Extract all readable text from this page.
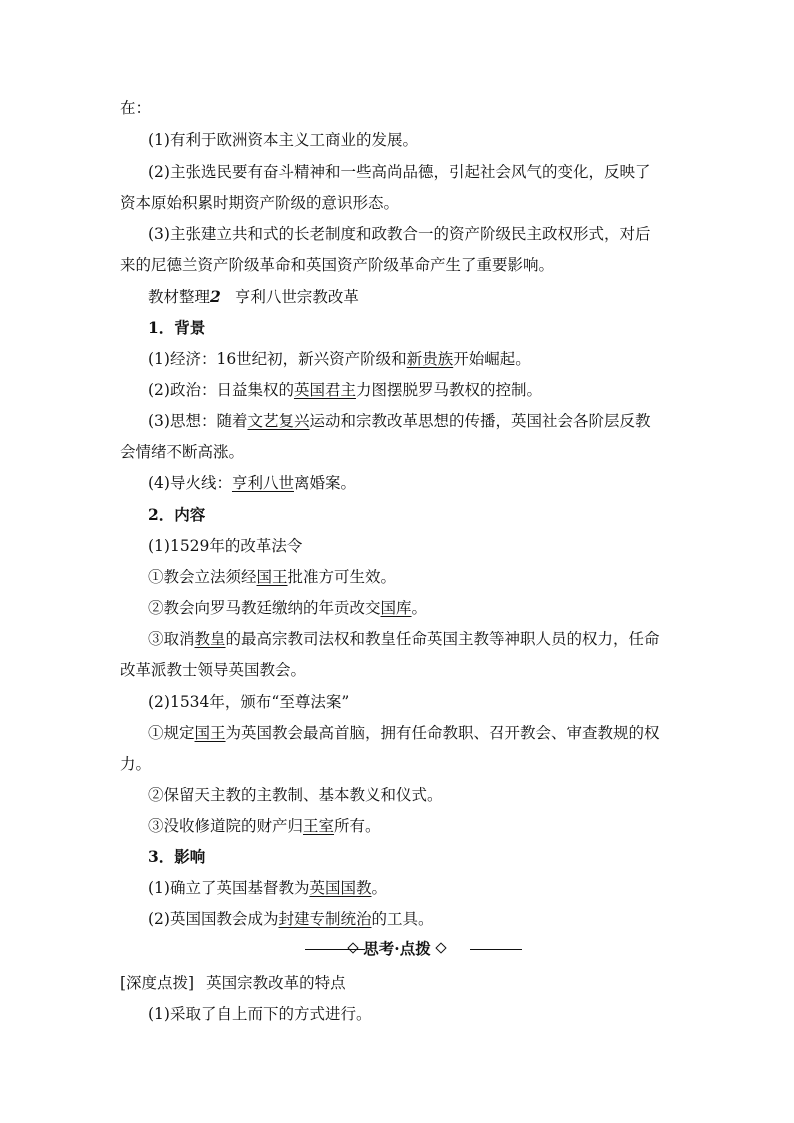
在：
(1)有利于欧洲资本主义工商业的发展。
(2)主张选民要有奋斗精神和一些高尚品德，引起社会风气的变化，反映了
资本原始积累时期资产阶级的意识形态。
(3)主张建立共和式的长老制度和政教合一的资产阶级民主政权形式，对后
来的尼德兰资产阶级革命和英国资产阶级革命产生了重要影响。
教材整理2 亨利八世宗教改革
1．背景
(1)经济：16世纪初，新兴资产阶级和新贵族开始崛起。
(2)政治：日益集权的英国君主力图摆脱罗马教权的控制。
(3)思想：随着文艺复兴运动和宗教改革思想的传播，英国社会各阶层反教
会情绪不断高涨。
(4)导火线：亨利八世离婚案。
2．内容
(1)1529年的改革法令
①教会立法须经国王批准方可生效。
②教会向罗马教廷缴纳的年贡改交国库。
③取消教皇的最高宗教司法权和教皇任命英国主教等神职人员的权力，任命
改革派教士领导英国教会。
(2)1534年，颁布“至尊法案”
①规定国王为英国教会最高首脑，拥有任命教职、召开教会、审查教规的权
力。
②保留天主教的主教制、基本教义和仪式。
③没收修道院的财产归王室所有。
3．影响
(1)确立了英国基督教为英国国教。
(2)英国国教会成为封建专制统治的工具。
思考·点拨
[深度点拨] 英国宗教改革的特点
(1)采取了自上而下的方式进行。
